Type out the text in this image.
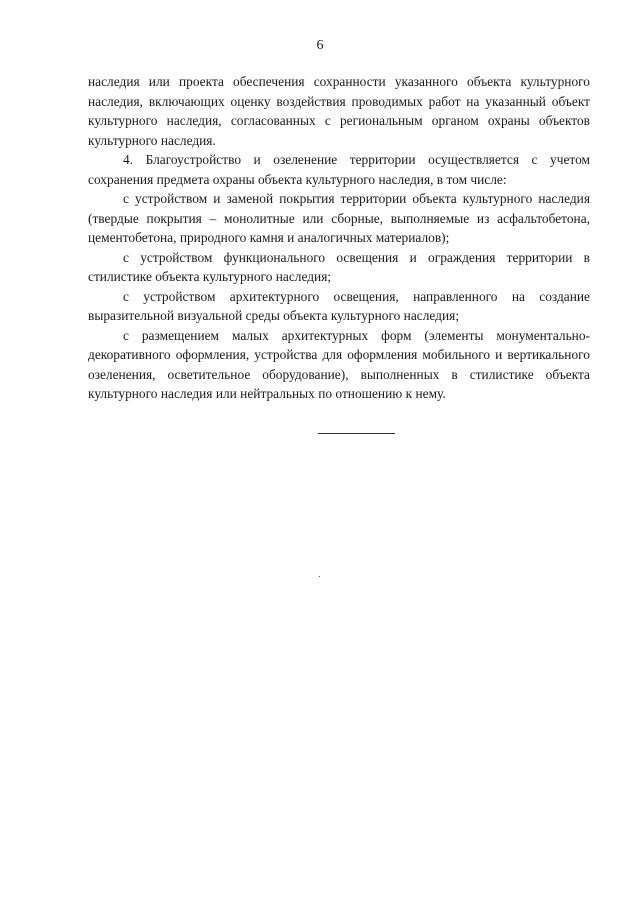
6

наследия или проекта обеспечения сохранности указанного объекта культурного наследия, включающих оценку воздействия проводимых работ на указанный объект культурного наследия, согласованных с региональным органом охраны объектов культурного наследия.

4. Благоустройство и озеленение территории осуществляется с учетом сохранения предмета охраны объекта культурного наследия, в том числе:

с устройством и заменой покрытия территории объекта культурного наследия (твердые покрытия – монолитные или сборные, выполняемые из асфальтобетона, цементобетона, природного камня и аналогичных материалов);

с устройством функционального освещения и ограждения территории в стилистике объекта культурного наследия;

с устройством архитектурного освещения, направленного на создание выразительной визуальной среды объекта культурного наследия;

с размещением малых архитектурных форм (элементы монументально-декоративного оформления, устройства для оформления мобильного и вертикального озеленения, осветительное оборудование), выполненных в стилистике объекта культурного наследия или нейтральных по отношению к нему.
